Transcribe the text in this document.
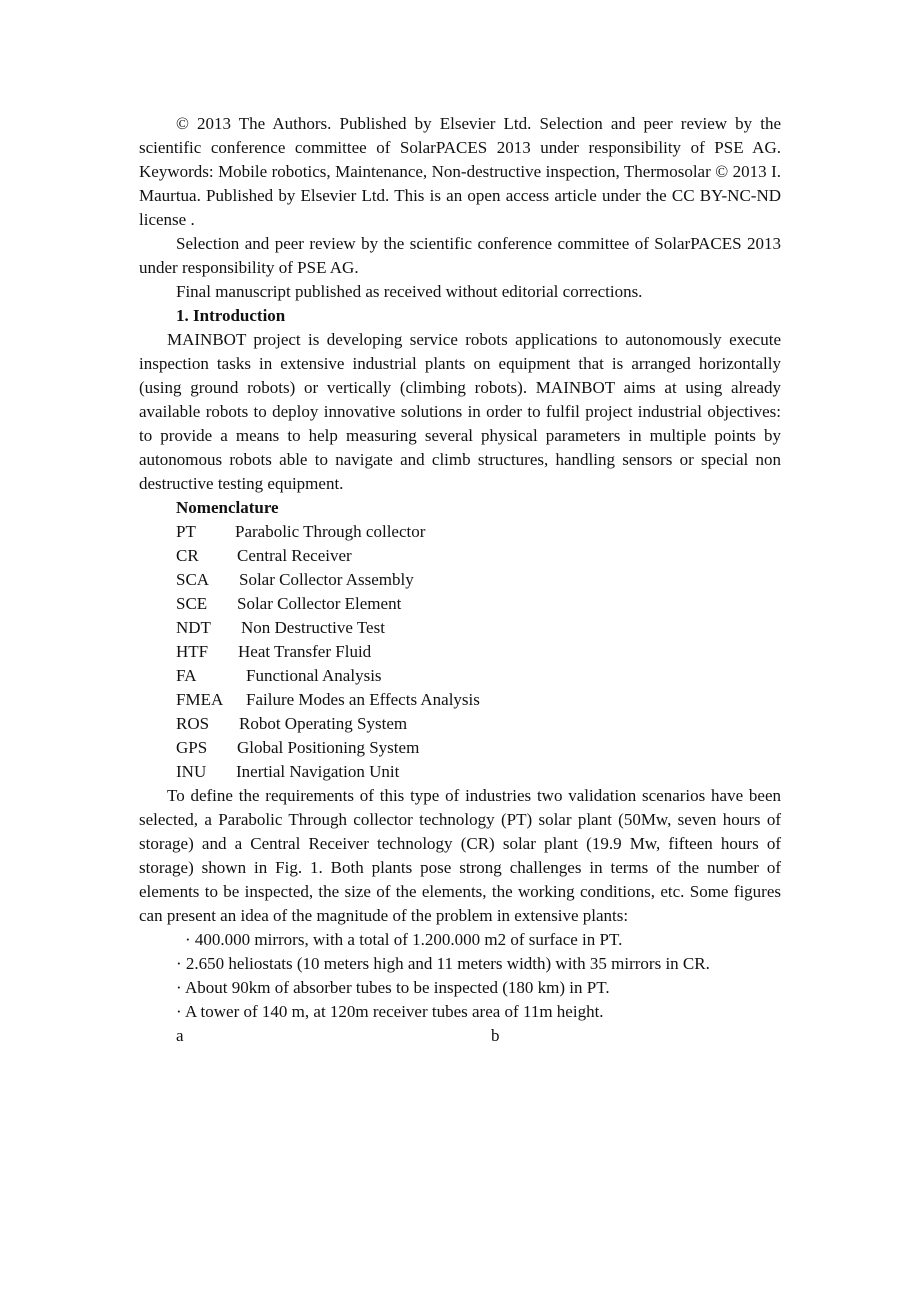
© 2013 The Authors. Published by Elsevier Ltd. Selection and peer review by the scientific conference committee of SolarPACES 2013 under responsibility of PSE AG. Keywords: Mobile robotics, Maintenance, Non-destructive inspection, Thermosolar © 2013 I. Maurtua. Published by Elsevier Ltd. This is an open access article under the CC BY-NC-ND license .

Selection and peer review by the scientific conference committee of SolarPACES 2013 under responsibility of PSE AG.

Final manuscript published as received without editorial corrections.

1. Introduction

MAINBOT project is developing service robots applications to autonomously execute inspection tasks in extensive industrial plants on equipment that is arranged horizontally (using ground robots) or vertically (climbing robots). MAINBOT aims at using already available robots to deploy innovative solutions in order to fulfil project industrial objectives: to provide a means to help measuring several physical parameters in multiple points by autonomous robots able to navigate and climb structures, handling sensors or special non destructive testing equipment.

Nomenclature

PT	Parabolic Through collector
CR	Central Receiver
SCA	Solar Collector Assembly
SCE	Solar Collector Element
NDT	Non Destructive Test
HTF	Heat Transfer Fluid
FA	Functional Analysis
FMEA	Failure Modes an Effects Analysis
ROS	Robot Operating System
GPS	Global Positioning System
INU	Inertial Navigation Unit

To define the requirements of this type of industries two validation scenarios have been selected, a Parabolic Through collector technology (PT) solar plant (50Mw, seven hours of storage) and a Central Receiver technology (CR) solar plant (19.9 Mw, fifteen hours of storage) shown in Fig. 1. Both plants pose strong challenges in terms of the number of elements to be inspected, the size of the elements, the working conditions, etc. Some figures can present an idea of the magnitude of the problem in extensive plants:

· 400.000 mirrors, with a total of 1.200.000 m2 of surface in PT.

· 2.650 heliostats (10 meters high and 11 meters width) with 35 mirrors in CR.

· About 90km of absorber tubes to be inspected (180 km) in PT.

· A tower of 140 m, at 120m receiver tubes area of 11m height.

a	b
